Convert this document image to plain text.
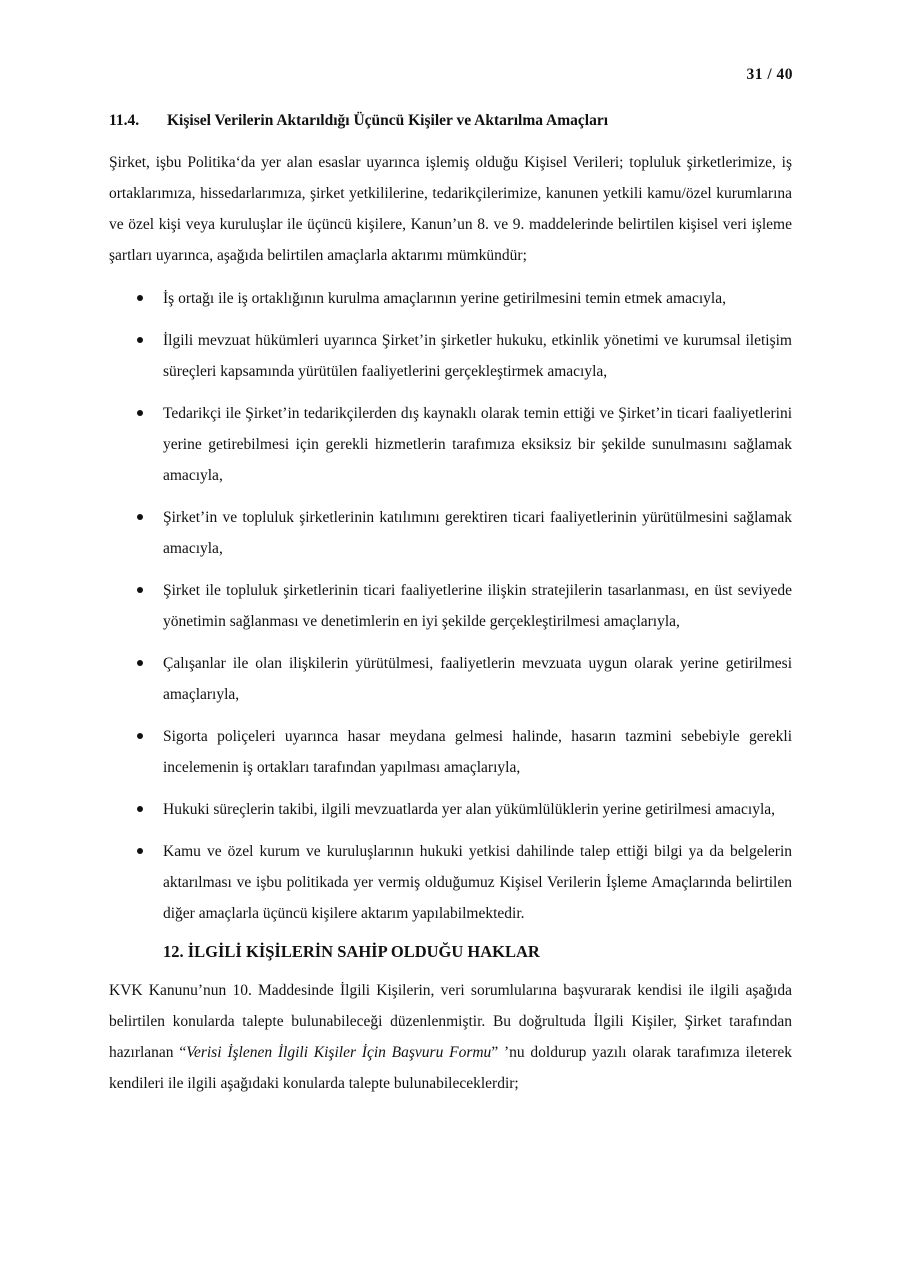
31 / 40
11.4.	Kişisel Verilerin Aktarıldığı Üçüncü Kişiler ve Aktarılma Amaçları

Şirket, işbu Politika‘da yer alan esaslar uyarınca işlemiş olduğu Kişisel Verileri; topluluk şirketlerimize, iş ortaklarımıza, hissedarlarımıza, şirket yetkililerine, tedarikçilerimize, kanunen yetkili kamu/özel kurumlarına ve özel kişi veya kuruluşlar ile üçüncü kişilere, Kanun’un 8. ve 9. maddelerinde belirtilen kişisel veri işleme şartları uyarınca, aşağıda belirtilen amaçlarla aktarımı mümkündür;

İş ortağı ile iş ortaklığının kurulma amaçlarının yerine getirilmesini temin etmek amacıyla,
İlgili mevzuat hükümleri uyarınca Şirket’in şirketler hukuku, etkinlik yönetimi ve kurumsal iletişim süreçleri kapsamında yürütülen faaliyetlerini gerçekleştirmek amacıyla,
Tedarikçi ile Şirket’in tedarikçilerden dış kaynaklı olarak temin ettiği ve Şirket’in ticari faaliyetlerini yerine getirebilmesi için gerekli hizmetlerin tarafımıza eksiksiz bir şekilde sunulmasını sağlamak amacıyla,
Şirket’in ve topluluk şirketlerinin katılımını gerektiren ticari faaliyetlerinin yürütülmesini sağlamak amacıyla,
Şirket ile topluluk şirketlerinin ticari faaliyetlerine ilişkin stratejilerin tasarlanması, en üst seviyede yönetimin sağlanması ve denetimlerin en iyi şekilde gerçekleştirilmesi amaçlarıyla,
Çalışanlar ile olan ilişkilerin yürütülmesi, faaliyetlerin mevzuata uygun olarak yerine getirilmesi amaçlarıyla,
Sigorta poliçeleri uyarınca hasar meydana gelmesi halinde, hasarın tazmini sebebiyle gerekli incelemenin iş ortakları tarafından yapılması amaçlarıyla,
Hukuki süreçlerin takibi, ilgili mevzuatlarda yer alan yükümlülüklerin yerine getirilmesi amacıyla,
Kamu ve özel kurum ve kuruluşlarının hukuki yetkisi dahilinde talep ettiği bilgi ya da belgelerin aktarılması ve işbu politikada yer vermiş olduğumuz Kişisel Verilerin İşleme Amaçlarında belirtilen diğer amaçlarla üçüncü kişilere aktarım yapılabilmektedir.
12. İLGİLİ KİŞİLERİN SAHİP OLDUĞU HAKLAR

KVK Kanunu’nun 10. Maddesinde İlgili Kişilerin, veri sorumlularına başvurarak kendisi ile ilgili aşağıda belirtilen konularda talepte bulunabileceği düzenlenmiştir. Bu doğrultuda İlgili Kişiler, Şirket tarafından hazırlanan “Verisi İşlenen İlgili Kişiler İçin Başvuru Formu” ’nu doldurup yazılı olarak tarafımıza ileterek kendileri ile ilgili aşağıdaki konularda talepte bulunabileceklerdir;
